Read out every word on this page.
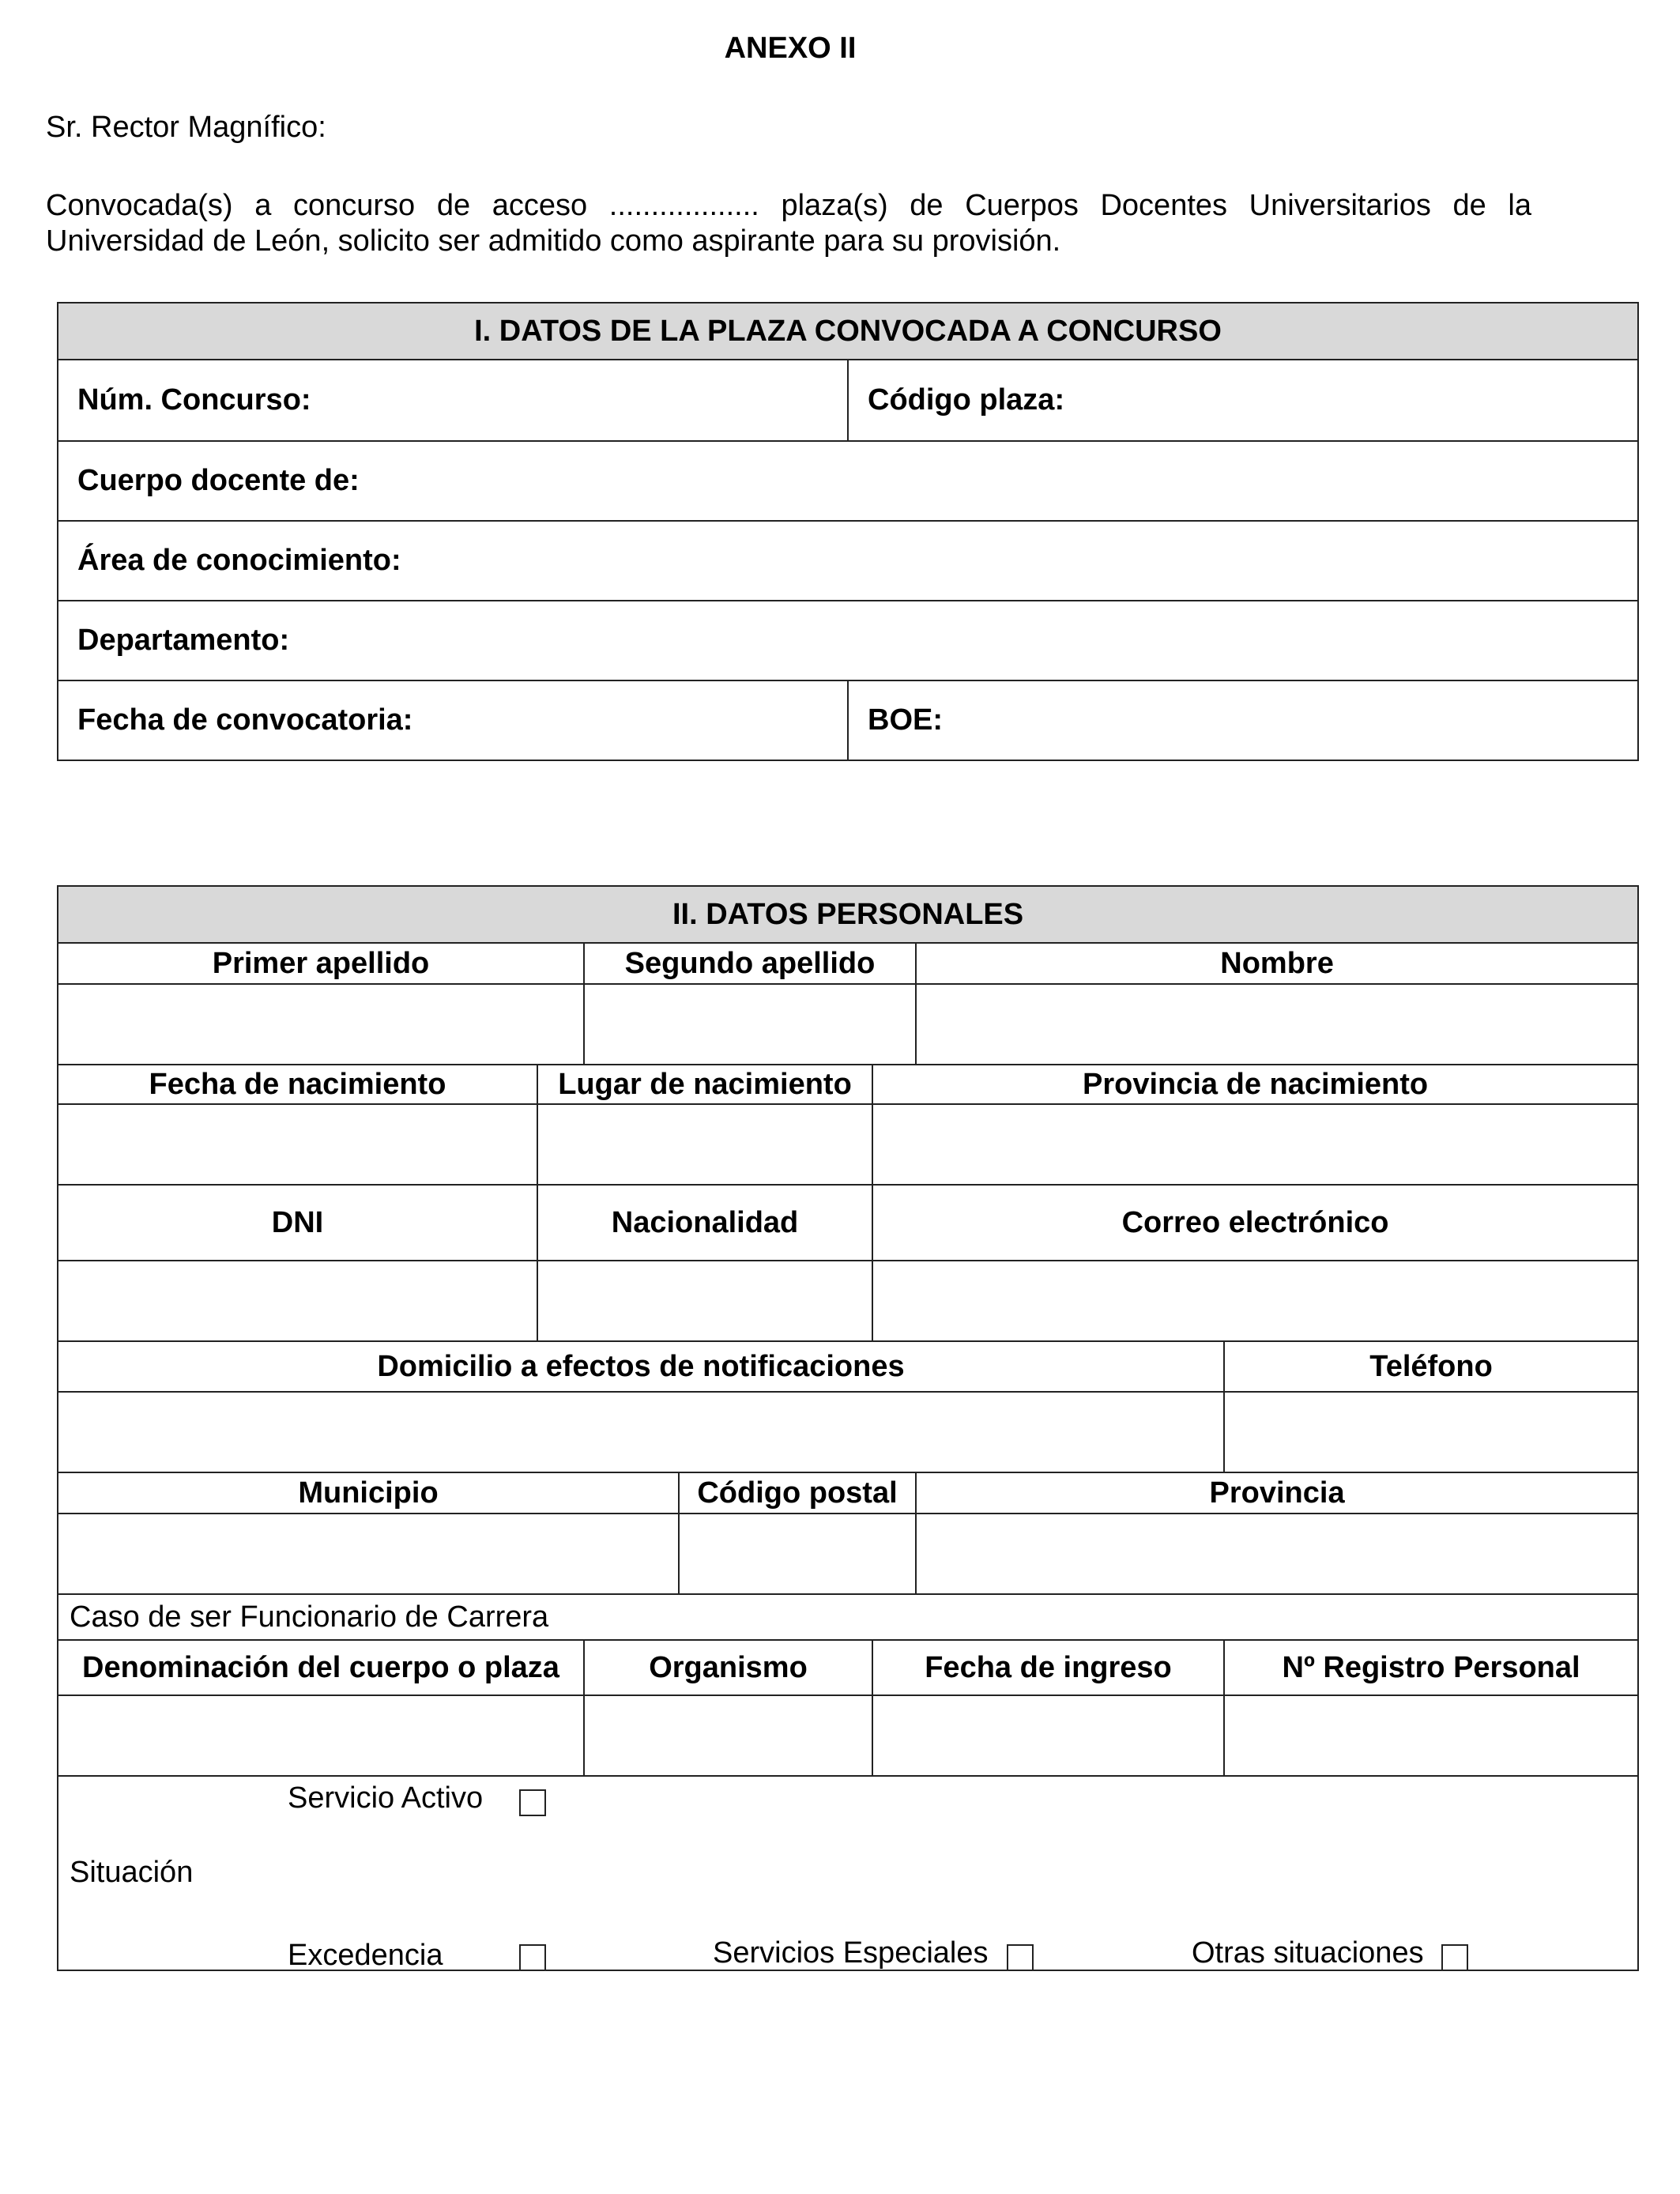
ANEXO II
Sr. Rector Magnífico:
Convocada(s) a concurso de acceso .................. plaza(s) de Cuerpos Docentes Universitarios de la Universidad de León, solicito ser admitido como aspirante para su provisión.
I. DATOS DE LA PLAZA CONVOCADA A CONCURSO	
Núm. Concurso:	Código plaza:
Cuerpo docente de:	
Área de conocimiento:	
Departamento:	
Fecha de convocatoria:	BOE:
II. DATOS PERSONALES						
Primer apellido		Segundo apellido			Nombre	

Fecha de nacimiento	Lugar de nacimiento			Provincia de nacimiento		

DNI	Nacionalidad			Correo electrónico		

Domicilio a efectos de notificaciones						Teléfono

Municipio			Código postal		Provincia	

Caso de ser Funcionario de Carrera						
Denominación del cuerpo o plaza		Organismo		Fecha de ingreso		Nº Registro Personal

Situación
Servicio Activo
Excedencia Servicios Especiales Otras situaciones						
